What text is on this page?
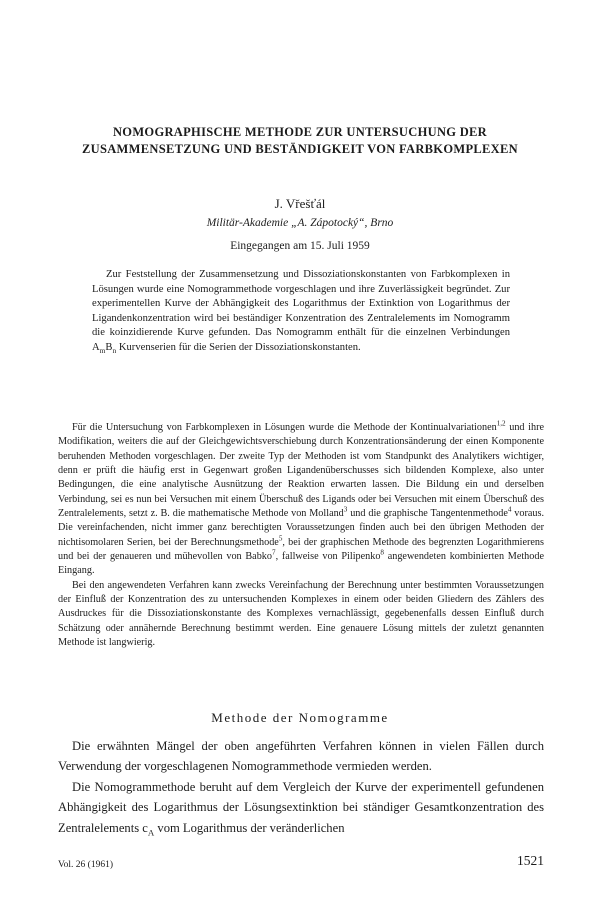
NOMOGRAPHISCHE METHODE ZUR UNTERSUCHUNG DER ZUSAMMENSETZUNG UND BESTÄNDIGKEIT VON FARBKOMPLEXEN
J. Vřešťál
Militär-Akademie „A. Zápotocký“, Brno
Eingegangen am 15. Juli 1959
Zur Feststellung der Zusammensetzung und Dissoziationskonstanten von Farbkomplexen in Lösungen wurde eine Nomogrammethode vorgeschlagen und ihre Zuverlässigkeit begründet. Zur experimentellen Kurve der Abhängigkeit des Logarithmus der Extinktion von Logarithmus der Ligandenkonzentration wird bei beständiger Konzentration des Zentralelements im Nomogramm die koinzidierende Kurve gefunden. Das Nomogramm enthält für die einzelnen Verbindungen $A_mB_n$ Kurvenserien für die Serien der Dissoziationskonstanten.

Für die Untersuchung von Farbkomplexen in Lösungen wurde die Methode der Kontinualvariationen$^{1,2}$ und ihre Modifikation, weiters die auf der Gleichgewichtsverschiebung durch Konzentrationsänderung der einen Komponente beruhenden Methoden vorgeschlagen. Der zweite Typ der Methoden ist vom Standpunkt des Analytikers wichtiger, denn er prüft die häufig erst in Gegenwart großen Ligandenüberschusses sich bildenden Komplexe, also unter Bedingungen, die eine analytische Ausnützung der Reaktion erwarten lassen. Die Bildung ein und derselben Verbindung, sei es nun bei Versuchen mit einem Überschuß des Ligands oder bei Versuchen mit einem Überschuß des Zentralelements, setzt z. B. die mathematische Methode von Molland$^3$ und die graphische Tangentenmethode$^4$ voraus. Die vereinfachenden, nicht immer ganz berechtigten Voraussetzungen finden auch bei den übrigen Methoden der nichtisomolaren Serien, bei der Berechnungsmethode$^5$, bei der graphischen Methode des begrenzten Logarithmierens und bei der genaueren und mühevollen von Babko$^7$, fallweise von Pilipenko$^8$ angewendeten kombinierten Methode Eingang.

Bei den angewendeten Verfahren kann zwecks Vereinfachung der Berechnung unter bestimmten Voraussetzungen der Einfluß der Konzentration des zu untersuchenden Komplexes in einem oder beiden Gliedern des Zählers des Ausdruckes für die Dissoziationskonstante des Komplexes vernachlässigt, gegebenenfalls dessen Einfluß durch Schätzung oder annähernde Berechnung bestimmt werden. Eine genauere Lösung mittels der zuletzt genannten Methode ist langwierig.

Methode der Nomogramme

Die erwähnten Mängel der oben angeführten Verfahren können in vielen Fällen durch Verwendung der vorgeschlagenen Nomogrammethode vermieden werden.

Die Nomogrammethode beruht auf dem Vergleich der Kurve der experimentell gefundenen Abhängigkeit des Logarithmus der Lösungsextinktion bei ständiger Gesamtkonzentration des Zentralelements $c_A$ vom Logarithmus der veränderlichen

Vol. 26 (1961)	1521
